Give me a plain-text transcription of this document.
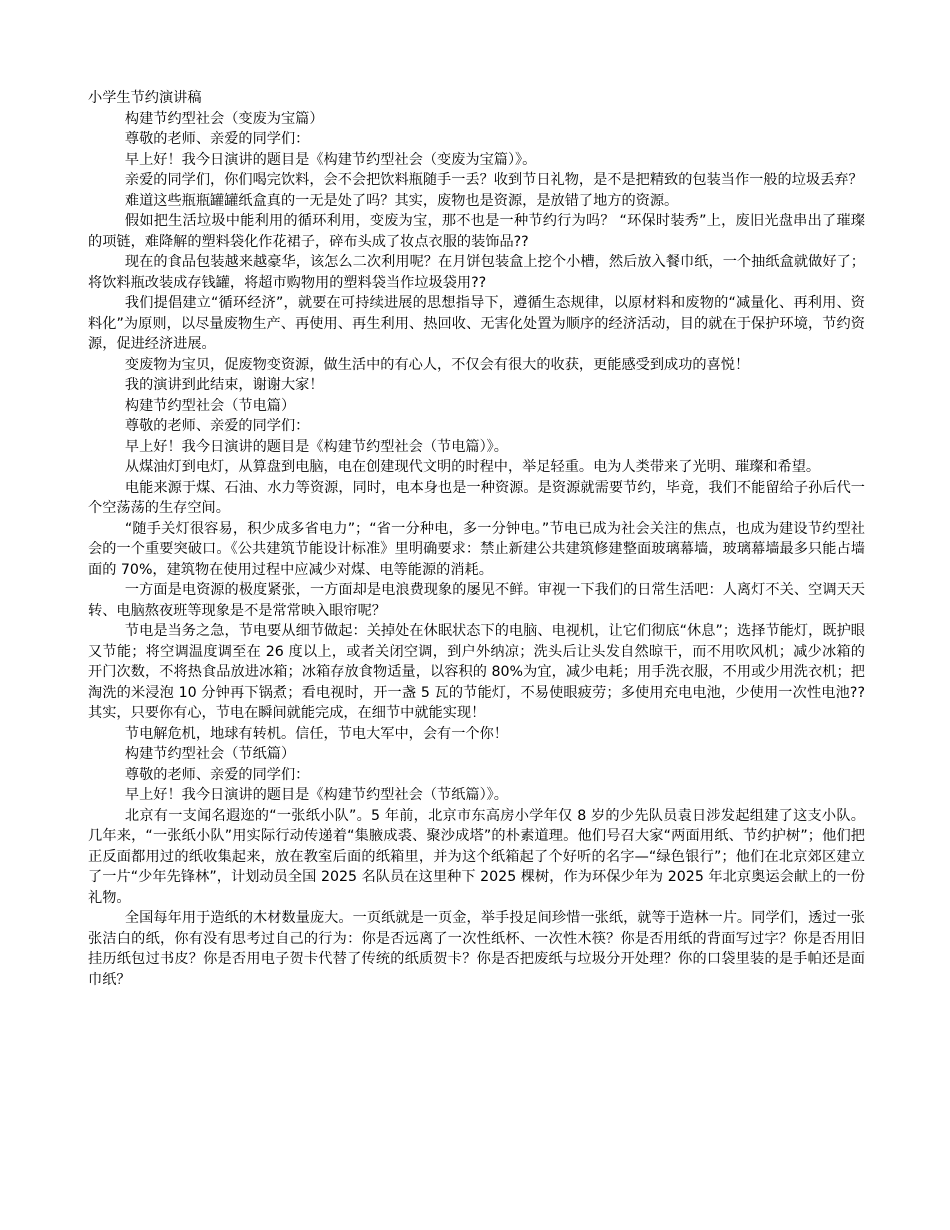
小学生节约演讲稿
构建节约型社会（变废为宝篇）
尊敬的老师、亲爱的同学们：
早上好！我今日演讲的题目是《构建节约型社会（变废为宝篇）》。
亲爱的同学们，你们喝完饮料，会不会把饮料瓶随手一丢？收到节日礼物，是不是把精致的包装当作一般的垃圾丢弃？
难道这些瓶瓶罐罐纸盒真的一无是处了吗？其实，废物也是资源，是放错了地方的资源。
假如把生活垃圾中能利用的循环利用，变废为宝，那不也是一种节约行为吗？ “环保时装秀”上，废旧光盘串出了璀璨的项链，难降解的塑料袋化作花裙子，碎布头成了妆点衣服的装饰品??
现在的食品包装越来越豪华，该怎么二次利用呢？在月饼包装盒上挖个小槽，然后放入餐巾纸，一个抽纸盒就做好了；将饮料瓶改装成存钱罐，将超市购物用的塑料袋当作垃圾袋用??
我们提倡建立“循环经济”，就要在可持续进展的思想指导下，遵循生态规律，以原材料和废物的“减量化、再利用、资料化”为原则，以尽量废物生产、再使用、再生利用、热回收、无害化处置为顺序的经济活动，目的就在于保护环境，节约资源，促进经济进展。
变废物为宝贝，促废物变资源，做生活中的有心人，不仅会有很大的收获，更能感受到成功的喜悦！
我的演讲到此结束，谢谢大家！
构建节约型社会（节电篇）
尊敬的老师、亲爱的同学们：
早上好！我今日演讲的题目是《构建节约型社会（节电篇）》。
从煤油灯到电灯，从算盘到电脑，电在创建现代文明的时程中，举足轻重。电为人类带来了光明、璀璨和希望。
电能来源于煤、石油、水力等资源，同时，电本身也是一种资源。是资源就需要节约，毕竟，我们不能留给子孙后代一个空荡荡的生存空间。
“随手关灯很容易，积少成多省电力”；“省一分种电，多一分钟电。”节电已成为社会关注的焦点，也成为建设节约型社会的一个重要突破口。《公共建筑节能设计标准》里明确要求：禁止新建公共建筑修建整面玻璃幕墙，玻璃幕墙最多只能占墙面的 70%，建筑物在使用过程中应减少对煤、电等能源的消耗。
一方面是电资源的极度紧张，一方面却是电浪费现象的屡见不鲜。审视一下我们的日常生活吧：人离灯不关、空调天天转、电脑熬夜班等现象是不是常常映入眼帘呢？
节电是当务之急，节电要从细节做起：关掉处在休眠状态下的电脑、电视机，让它们彻底“休息”；选择节能灯，既护眼又节能；将空调温度调至在 26 度以上，或者关闭空调，到户外纳凉；洗头后让头发自然晾干，而不用吹风机；减少冰箱的开门次数，不将热食品放进冰箱；冰箱存放食物适量，以容积的 80%为宜，减少电耗；用手洗衣服，不用或少用洗衣机；把淘洗的米浸泡 10 分钟再下锅煮；看电视时，开一盏 5 瓦的节能灯，不易使眼疲劳；多使用充电电池，少使用一次性电池??其实，只要你有心，节电在瞬间就能完成，在细节中就能实现！
节电解危机，地球有转机。信任，节电大军中，会有一个你！
构建节约型社会（节纸篇）
尊敬的老师、亲爱的同学们：
早上好！我今日演讲的题目是《构建节约型社会（节纸篇）》。
北京有一支闻名遐迩的“一张纸小队”。5 年前，北京市东高房小学年仅 8 岁的少先队员袁日涉发起组建了这支小队。几年来，“一张纸小队”用实际行动传递着“集腋成裘、聚沙成塔”的朴素道理。他们号召大家“两面用纸、节约护树”；他们把正反面都用过的纸收集起来，放在教室后面的纸箱里，并为这个纸箱起了个好听的名字—“绿色银行”；他们在北京郊区建立了一片“少年先锋林”，计划动员全国 2025 名队员在这里种下 2025 棵树，作为环保少年为 2025 年北京奥运会献上的一份礼物。
全国每年用于造纸的木材数量庞大。一页纸就是一页金，举手投足间珍惜一张纸，就等于造林一片。同学们，透过一张张洁白的纸，你有没有思考过自己的行为：你是否远离了一次性纸杯、一次性木筷？你是否用纸的背面写过字？你是否用旧挂历纸包过书皮？你是否用电子贺卡代替了传统的纸质贺卡？你是否把废纸与垃圾分开处理？你的口袋里装的是手帕还是面巾纸？
